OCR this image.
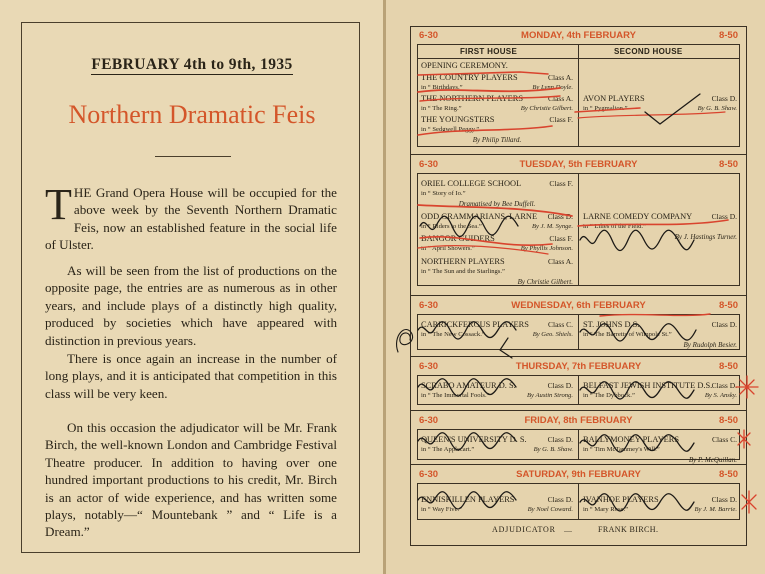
FEBRUARY 4th to 9th, 1935
Northern Dramatic Feis
THE Grand Opera House will be occupied for the above week by the Seventh Northern Dramatic Feis, now an established feature in the social life of Ulster.
As will be seen from the list of productions on the opposite page, the entries are as numerous as in other years, and include plays of a distinctly high quality, produced by societies which have appeared with distinction in previous years.
There is once again an increase in the number of long plays, and it is anticipated that competition in this class will be very keen.
On this occasion the adjudicator will be Mr. Frank Birch, the well-known London and Cambridge Festival Theatre producer. In addition to having over one hundred important productions to his credit, Mr. Birch is an actor of wide experience, and has written some plays, notably—“ Mountebank ” and “ Life is a Dream.”
6-30	MONDAY, 4th FEBRUARY	8-50
FIRST HOUSE	SECOND HOUSE
OPENING CEREMONY.
THE COUNTRY PLAYERS	Class A.
in “ Birthdays.”	By Lynn Doyle.
THE NORTHERN PLAYERS	Class A.
in “ The Ring.”	By Christie Gilbert.
THE YOUNGSTERS	Class F.
in “ Sedgwell Peggy.”
By Philip Tillard.
AVON PLAYERS	Class D.
in “ Pygmalion.”	By G. B. Shaw.
6-30	TUESDAY, 5th FEBRUARY	8-50
ORIEL COLLEGE SCHOOL	Class F.
in “ Story of Io.”
Dramatised by Bee Duffell.
ODD GRAMMARIANS, LARNE Class D.
in “ Riders to the Sea.”	By J. M. Synge.
BANGOR GUIDERS	Class F.
in “ April Showers.”	By Phyllis Johnson.
NORTHERN PLAYERS	Class A.
in “ The Sun and the Starlings.”
By Christie Gilbert.
LARNE COMEDY COMPANY	Class D.
in “ Lilies of the Field.”
By J. Hastings Turner.
6-30	WEDNESDAY, 6th FEBRUARY	8-50
CARRICKFERGUS PLAYERS	Class C.
in “ The New Cossack.”	By Geo. Shiels.
ST. JOHNS D.S.	Class D.
in “ The Barretts of Wimpole St.”
By Rudolph Besier.
6-30	THURSDAY, 7th FEBRUARY	8-50
SCRABO AMATEUR D. S.	Class D.
in “ The Immortal Fools.”	By Austin Strong.
BELFAST JEWISH INSTITUTE D.S. Class D.
in “ The Dybbock.”	By S. Ansky.
6-30	FRIDAY, 8th FEBRUARY	8-50
QUEEN'S UNIVERSITY D. S.	Class D.
in “ The Applecart.”	By G. B. Shaw.
BALLYMONEY PLAYERS	Class C.
in “ Tim McTammey's Will.”
By P. McQuillan.
6-30	SATURDAY, 9th FEBRUARY	8-50
ENNISKILLEN PLAYERS	Class D.
in “ Way Five.”	By Noel Coward.
IVANHOE PLAYERS	Class D.
in “ Mary Rose.”	By J. M. Barrie.
ADJUDICATOR ....	FRANK BIRCH.
